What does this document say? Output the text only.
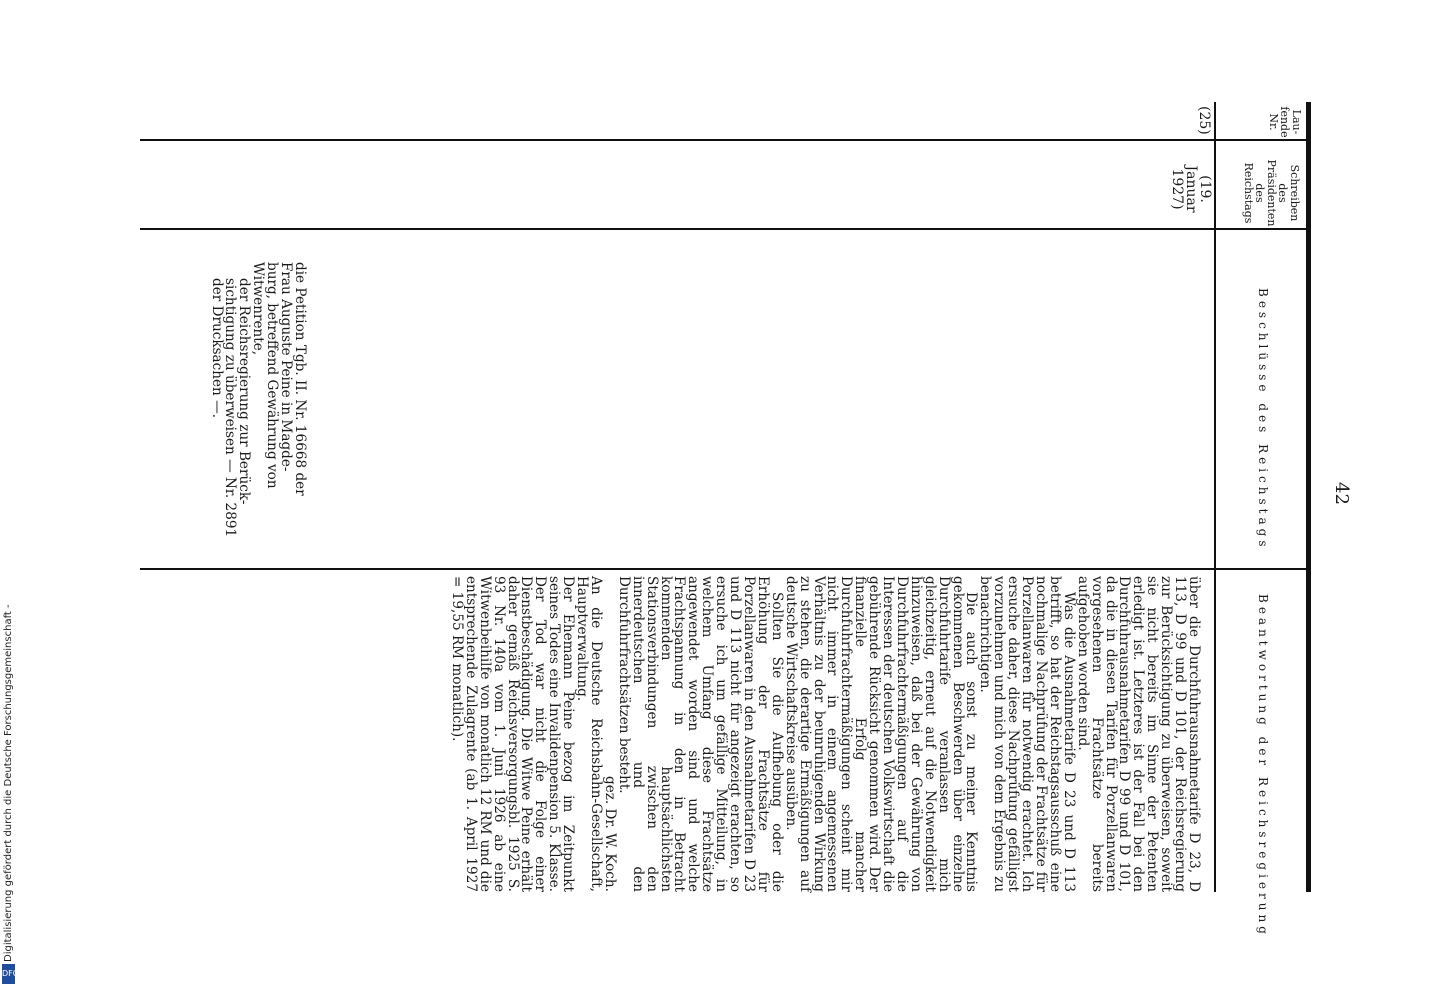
42
Digitalisierung gefördert durch die Deutsche Forschungsgemeinschaft -
DFG
Lau-fende Nr.
Schreiben des Präsidenten des Reichstags
Beschlüsse des Reichstags
Beantwortung der Reichsregierung
(25)
(19. Januar 1927)

die Petition Tgb. II. Nr. 16668 der

Frau Auguste Peine in Magde-

burg, betreffend Gewährung von

Witwenrente,

der Reichsregierung zur Berück-

sichtigung zu überweisen — Nr. 2891

der Drucksachen —.

über die Durchfuhrausnahmetarife D 23, D 113, D 99 und D 101, der Reichsregierung zur Berücksichtigung zu überweisen, soweit sie nicht bereits im Sinne der Petenten erledigt ist. Letzteres ist der Fall bei den Durchfuhrausnahmetarifen D 99 und D 101, da die in diesen Tarifen für Porzellanwaren vorgesehenen Frachtsätze bereits aufgehoben worden sind.

Was die Ausnahmetarife D 23 und D 113 betrifft, so hat der Reichstagsausschuß eine nochmalige Nachprüfung der Frachtsätze für Porzellanwaren für notwendig erachtet. Ich ersuche daher, diese Nachprüfung gefälligst vorzunehmen und mich von dem Ergebnis zu benachrichtigen.

Die auch sonst zu meiner Kenntnis gekommenen Beschwerden über einzelne Durchfuhrtarife veranlassen mich gleichzeitig, erneut auf die Notwendigkeit hinzuweisen, daß bei der Gewährung von Durchfuhrfrachtermäßigungen auf die Interessen der deutschen Volkswirtschaft die gebührende Rücksicht genommen wird. Der finanzielle Erfolg mancher Durchfuhrfrachtermäßigungen scheint mir nicht immer in einem angemessenen Verhältnis zu der beunruhigenden Wirkung zu stehen, die derartige Ermäßigungen auf deutsche Wirtschaftskreise ausüben.

Sollten Sie die Aufhebung oder die Erhöhung der Frachtsätze für Porzellanwaren in den Ausnahmetarifen D 23 und D 113 nicht für angezeigt erachten, so ersuche ich um gefällige Mitteilung, in welchem Umfang diese Frachtsätze angewendet worden sind und welche Frachtspannung in den in Betracht kommenden hauptsächlichsten Stationsverbindungen zwischen den innerdeutschen und den Durchfuhrfrachtsätzen besteht.

gez. Dr. W. Koch.

An die Deutsche Reichsbahn-Gesellschaft, Hauptverwaltung.

Der Ehemann Peine bezog im Zeitpunkt seines Todes eine Invalidenpension 5. Klasse. Der Tod war nicht die Folge einer Dienstbeschädigung. Die Witwe Peine erhält daher gemäß Reichsversorgungsbl. 1925 S. 93 Nr. 140a vom 1. Juni 1926 ab eine Witwenbeihilfe von monatlich 12 RM und die entsprechende Zulagrente (ab 1. April 1927 = 19,55 RM monatlich).
